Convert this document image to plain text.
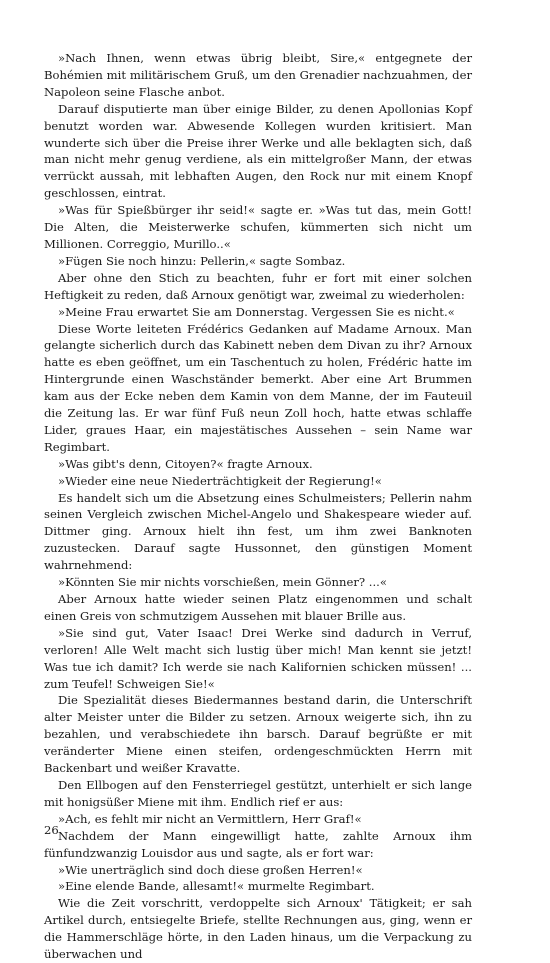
»Nach Ihnen, wenn etwas übrig bleibt, Sire,« entgegnete der Bohémien mit militärischem Gruß, um den Grenadier nachzuahmen, der Napoleon seine Flasche anbot.

Darauf disputierte man über einige Bilder, zu denen Apollonias Kopf benutzt worden war. Abwesende Kollegen wurden kritisiert. Man wunderte sich über die Preise ihrer Werke und alle beklagten sich, daß man nicht mehr genug verdiene, als ein mittelgroßer Mann, der etwas verrückt aussah, mit lebhaften Augen, den Rock nur mit einem Knopf geschlossen, eintrat.

»Was für Spießbürger ihr seid!« sagte er. »Was tut das, mein Gott! Die Alten, die Meisterwerke schufen, kümmerten sich nicht um Millionen. Correggio, Murillo..«

»Fügen Sie noch hinzu: Pellerin,« sagte Sombaz.

Aber ohne den Stich zu beachten, fuhr er fort mit einer solchen Heftigkeit zu reden, daß Arnoux genötigt war, zweimal zu wiederholen:

»Meine Frau erwartet Sie am Donnerstag. Vergessen Sie es nicht.«

Diese Worte leiteten Frédérics Gedanken auf Madame Arnoux. Man gelangte sicherlich durch das Kabinett neben dem Divan zu ihr? Arnoux hatte es eben geöffnet, um ein Taschentuch zu holen, Frédéric hatte im Hintergrunde einen Waschständer bemerkt. Aber eine Art Brummen kam aus der Ecke neben dem Kamin von dem Manne, der im Fauteuil die Zeitung las. Er war fünf Fuß neun Zoll hoch, hatte etwas schlaffe Lider, graues Haar, ein majestätisches Aussehen – sein Name war Regimbart.

»Was gibt's denn, Citoyen?« fragte Arnoux.

»Wieder eine neue Niederträchtigkeit der Regierung!«

Es handelt sich um die Absetzung eines Schulmeisters; Pellerin nahm seinen Vergleich zwischen Michel-Angelo und Shakespeare wieder auf. Dittmer ging. Arnoux hielt ihn fest, um ihm zwei Banknoten zuzustecken. Darauf sagte Hussonnet, den günstigen Moment wahrnehmend:

»Könnten Sie mir nichts vorschießen, mein Gönner? ...«

Aber Arnoux hatte wieder seinen Platz eingenommen und schalt einen Greis von schmutzigem Aussehen mit blauer Brille aus.

»Sie sind gut, Vater Isaac! Drei Werke sind dadurch in Verruf, verloren! Alle Welt macht sich lustig über mich! Man kennt sie jetzt! Was tue ich damit? Ich werde sie nach Kalifornien schicken müssen! ... zum Teufel! Schweigen Sie!«

Die Spezialität dieses Biedermannes bestand darin, die Unterschrift alter Meister unter die Bilder zu setzen. Arnoux weigerte sich, ihn zu bezahlen, und verabschiedete ihn barsch. Darauf begrüßte er mit veränderter Miene einen steifen, ordengeschmückten Herrn mit Backenbart und weißer Kravatte.

Den Ellbogen auf den Fensterriegel gestützt, unterhielt er sich lange mit honigsüßer Miene mit ihm. Endlich rief er aus:

»Ach, es fehlt mir nicht an Vermittlern, Herr Graf!«

Nachdem der Mann eingewilligt hatte, zahlte Arnoux ihm fünfundzwanzig Louisdor aus und sagte, als er fort war:

»Wie unerträglich sind doch diese großen Herren!«

»Eine elende Bande, allesamt!« murmelte Regimbart.

Wie die Zeit vorschritt, verdoppelte sich Arnoux' Tätigkeit; er sah Artikel durch, entsiegelte Briefe, stellte Rechnungen aus, ging, wenn er die Hammerschläge hörte, in den Laden hinaus, um die Verpackung zu überwachen und

26
